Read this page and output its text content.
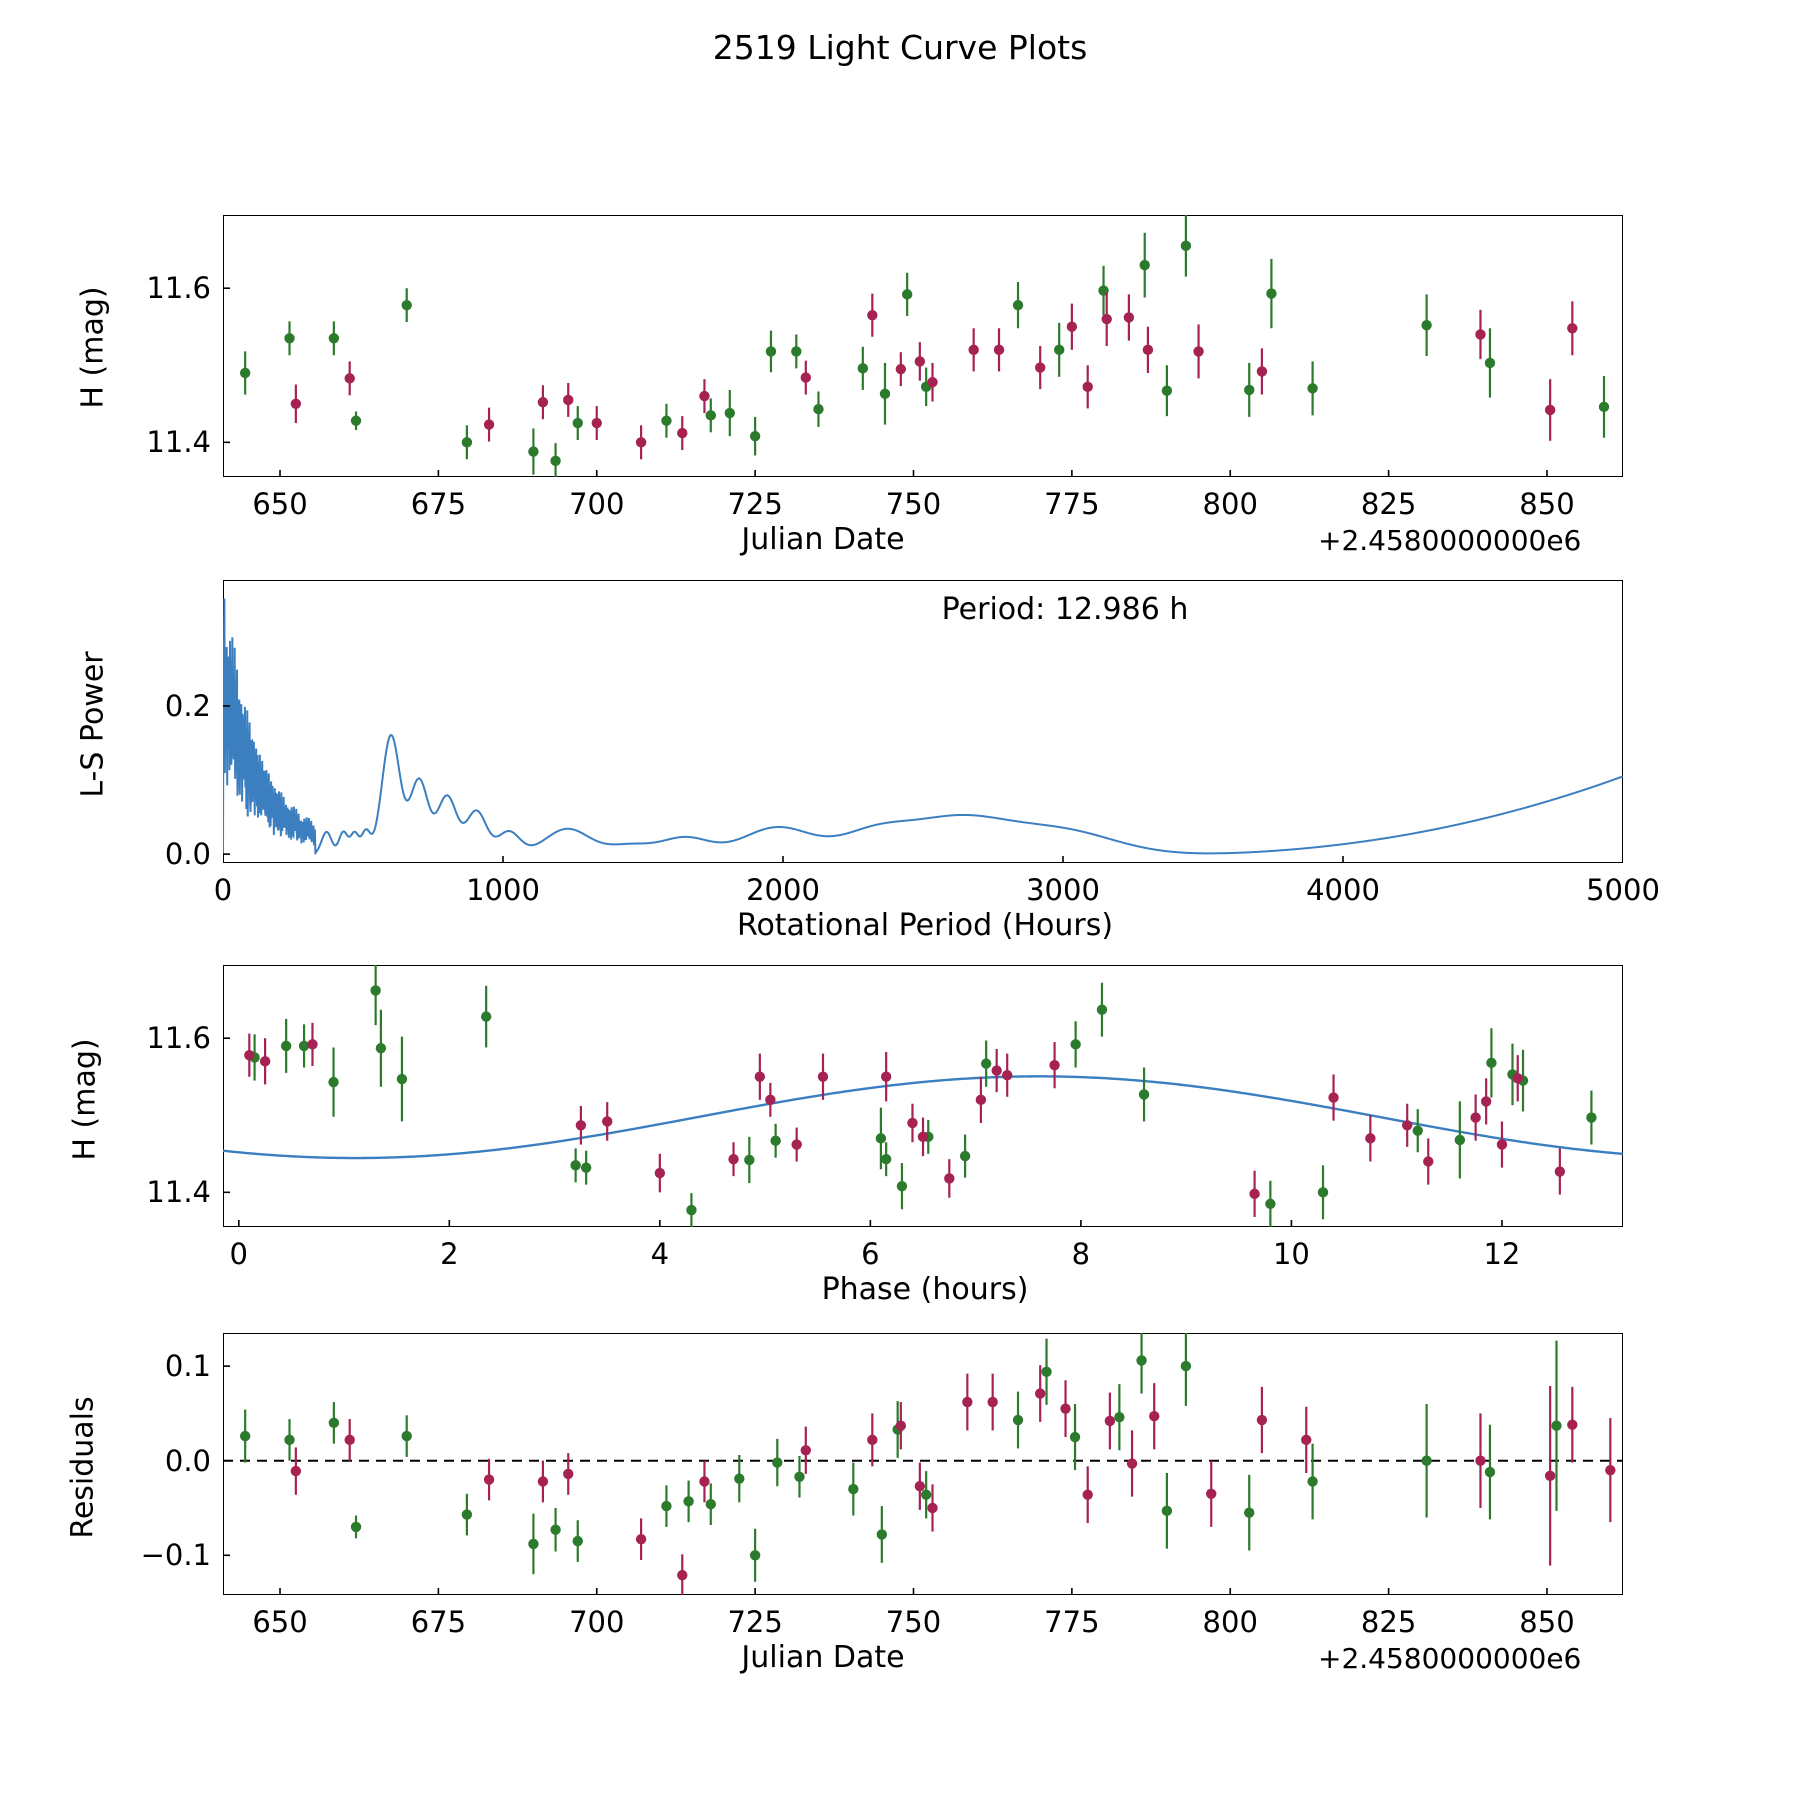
2519 Light Curve Plots
H (mag)
Julian Date	+2.4580000000e6
Period: 12.986 h
L-S Power
Rotational Period (Hours)
H (mag)
Phase (hours)
Residuals
Julian Date	+2.4580000000e6
650	675	700	725	750	775	800	825	850
11.4
11.6
0	1000	2000	3000	4000	5000
0.0
0.2
0	2	4	6	8	10	12
11.4
11.6
650	675	700	725	750	775	800	825	850
−0.1
0.0
0.1
